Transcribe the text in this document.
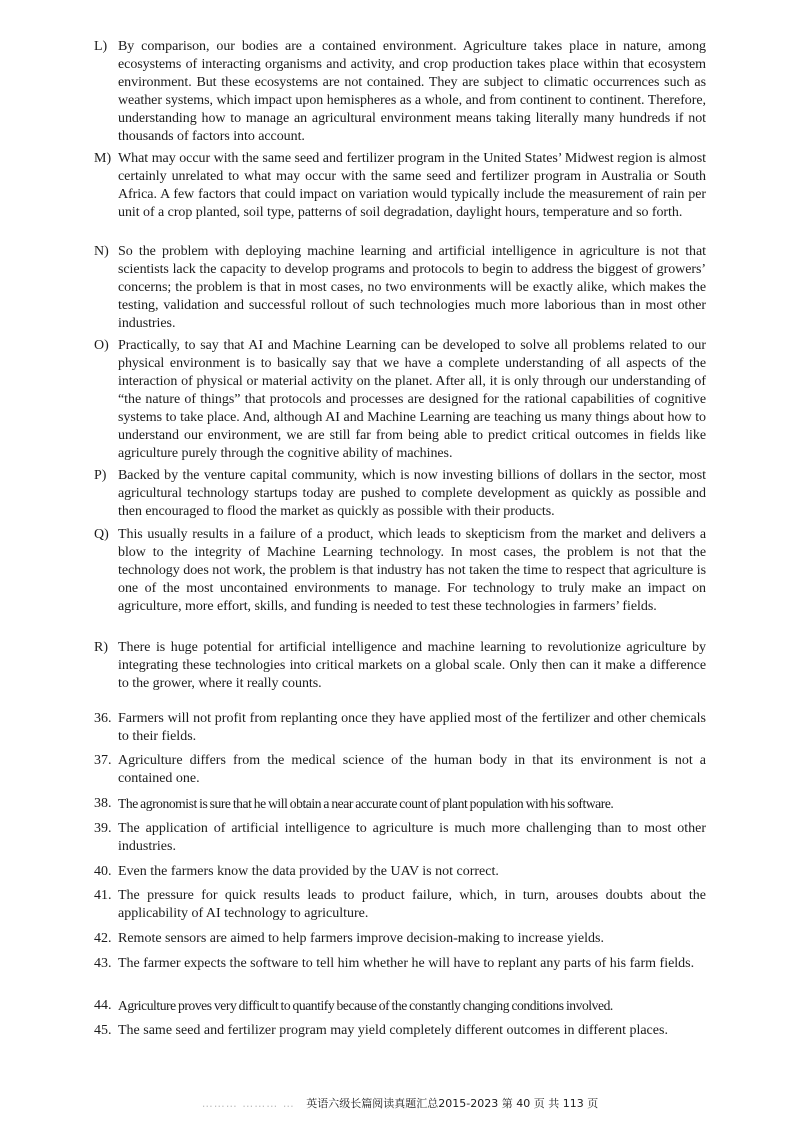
L) By comparison, our bodies are a contained environment. Agriculture takes place in nature, among ecosystems of interacting organisms and activity, and crop production takes place within that ecosystem environment. But these ecosystems are not contained. They are subject to climatic occurrences such as weather systems, which impact upon hemispheres as a whole, and from continent to continent. Therefore, understanding how to manage an agricultural environment means taking literally many hundreds if not thousands of factors into account.
M) What may occur with the same seed and fertilizer program in the United States’ Midwest region is almost certainly unrelated to what may occur with the same seed and fertilizer program in Australia or South Africa. A few factors that could impact on variation would typically include the measurement of rain per unit of a crop planted, soil type, patterns of soil degradation, daylight hours, temperature and so forth.
N) So the problem with deploying machine learning and artificial intelligence in agriculture is not that scientists lack the capacity to develop programs and protocols to begin to address the biggest of growers’ concerns; the problem is that in most cases, no two environments will be exactly alike, which makes the testing, validation and successful rollout of such technologies much more laborious than in most other industries.
O) Practically, to say that AI and Machine Learning can be developed to solve all problems related to our physical environment is to basically say that we have a complete understanding of all aspects of the interaction of physical or material activity on the planet. After all, it is only through our understanding of “the nature of things” that protocols and processes are designed for the rational capabilities of cognitive systems to take place. And, although AI and Machine Learning are teaching us many things about how to understand our environment, we are still far from being able to predict critical outcomes in fields like agriculture purely through the cognitive ability of machines.
P) Backed by the venture capital community, which is now investing billions of dollars in the sector, most agricultural technology startups today are pushed to complete development as quickly as possible and then encouraged to flood the market as quickly as possible with their products.
Q) This usually results in a failure of a product, which leads to skepticism from the market and delivers a blow to the integrity of Machine Learning technology. In most cases, the problem is not that the technology does not work, the problem is that industry has not taken the time to respect that agriculture is one of the most uncontained environments to manage. For technology to truly make an impact on agriculture, more effort, skills, and funding is needed to test these technologies in farmers’ fields.
R) There is huge potential for artificial intelligence and machine learning to revolutionize agriculture by integrating these technologies into critical markets on a global scale. Only then can it make a difference to the grower, where it really counts.
36. Farmers will not profit from replanting once they have applied most of the fertilizer and other chemicals to their fields.
37. Agriculture differs from the medical science of the human body in that its environment is not a contained one.
38. The agronomist is sure that he will obtain a near accurate count of plant population with his software.
39. The application of artificial intelligence to agriculture is much more challenging than to most other industries.
40. Even the farmers know the data provided by the UAV is not correct.
41. The pressure for quick results leads to product failure, which, in turn, arouses doubts about the applicability of AI technology to agriculture.
42. Remote sensors are aimed to help farmers improve decision-making to increase yields.
43. The farmer expects the software to tell him whether he will have to replant any parts of his farm fields.
44. Agriculture proves very difficult to quantify because of the constantly changing conditions involved.
45. The same seed and fertilizer program may yield completely different outcomes in different places.
……… ……… … 英语六级长篇阅读真题汇总2015-2023 第 40 页 共 113 页
